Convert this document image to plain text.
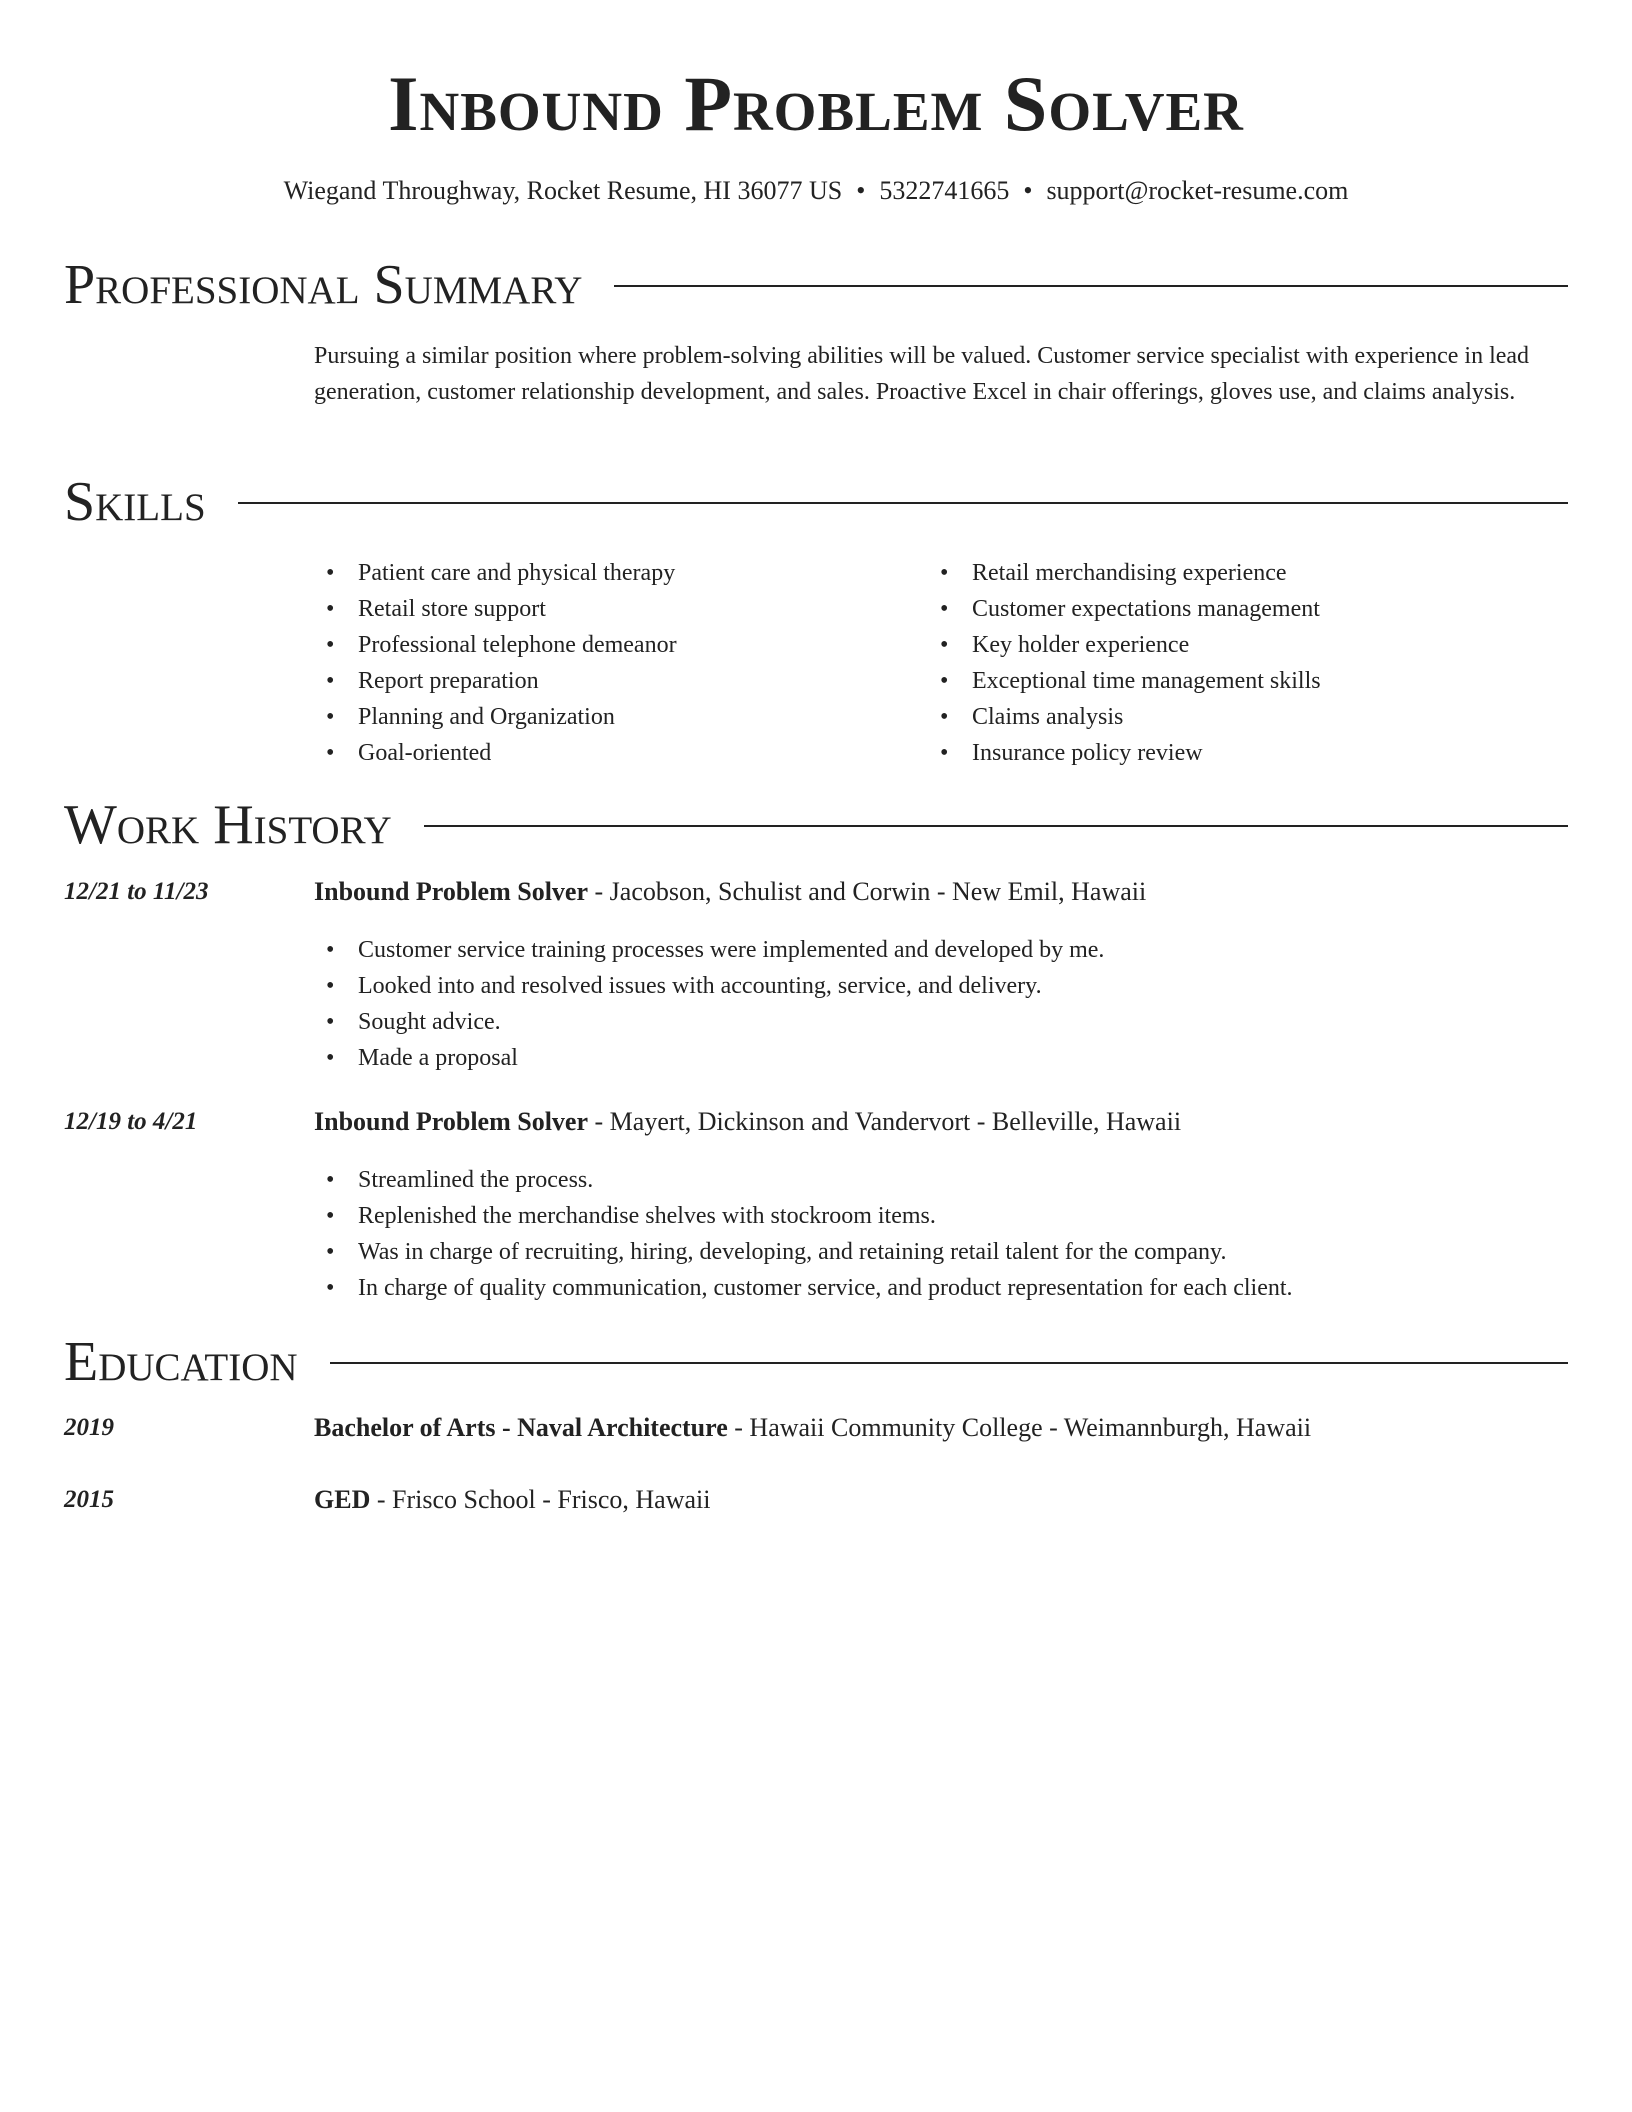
Inbound Problem Solver
Wiegand Throughway, Rocket Resume, HI 36077 US • 5322741665 • support@rocket-resume.com
Professional Summary

Pursuing a similar position where problem-solving abilities will be valued. Customer service specialist with experience in lead generation, customer relationship development, and sales. Proactive Excel in chair offerings, gloves use, and claims analysis.

Skills
• Patient care and physical therapy
• Retail store support
• Professional telephone demeanor
• Report preparation
• Planning and Organization
• Goal-oriented
• Retail merchandising experience
• Customer expectations management
• Key holder experience
• Exceptional time management skills
• Claims analysis
• Insurance policy review
Work History
12/21 to 11/23	Inbound Problem Solver - Jacobson, Schulist and Corwin - New Emil, Hawaii
• Customer service training processes were implemented and developed by me.
• Looked into and resolved issues with accounting, service, and delivery.
• Sought advice.
• Made a proposal
12/19 to 4/21	Inbound Problem Solver - Mayert, Dickinson and Vandervort - Belleville, Hawaii
• Streamlined the process.
• Replenished the merchandise shelves with stockroom items.
• Was in charge of recruiting, hiring, developing, and retaining retail talent for the company.
• In charge of quality communication, customer service, and product representation for each client.
Education
2019	Bachelor of Arts - Naval Architecture - Hawaii Community College - Weimannburgh, Hawaii
2015	GED - Frisco School - Frisco, Hawaii
